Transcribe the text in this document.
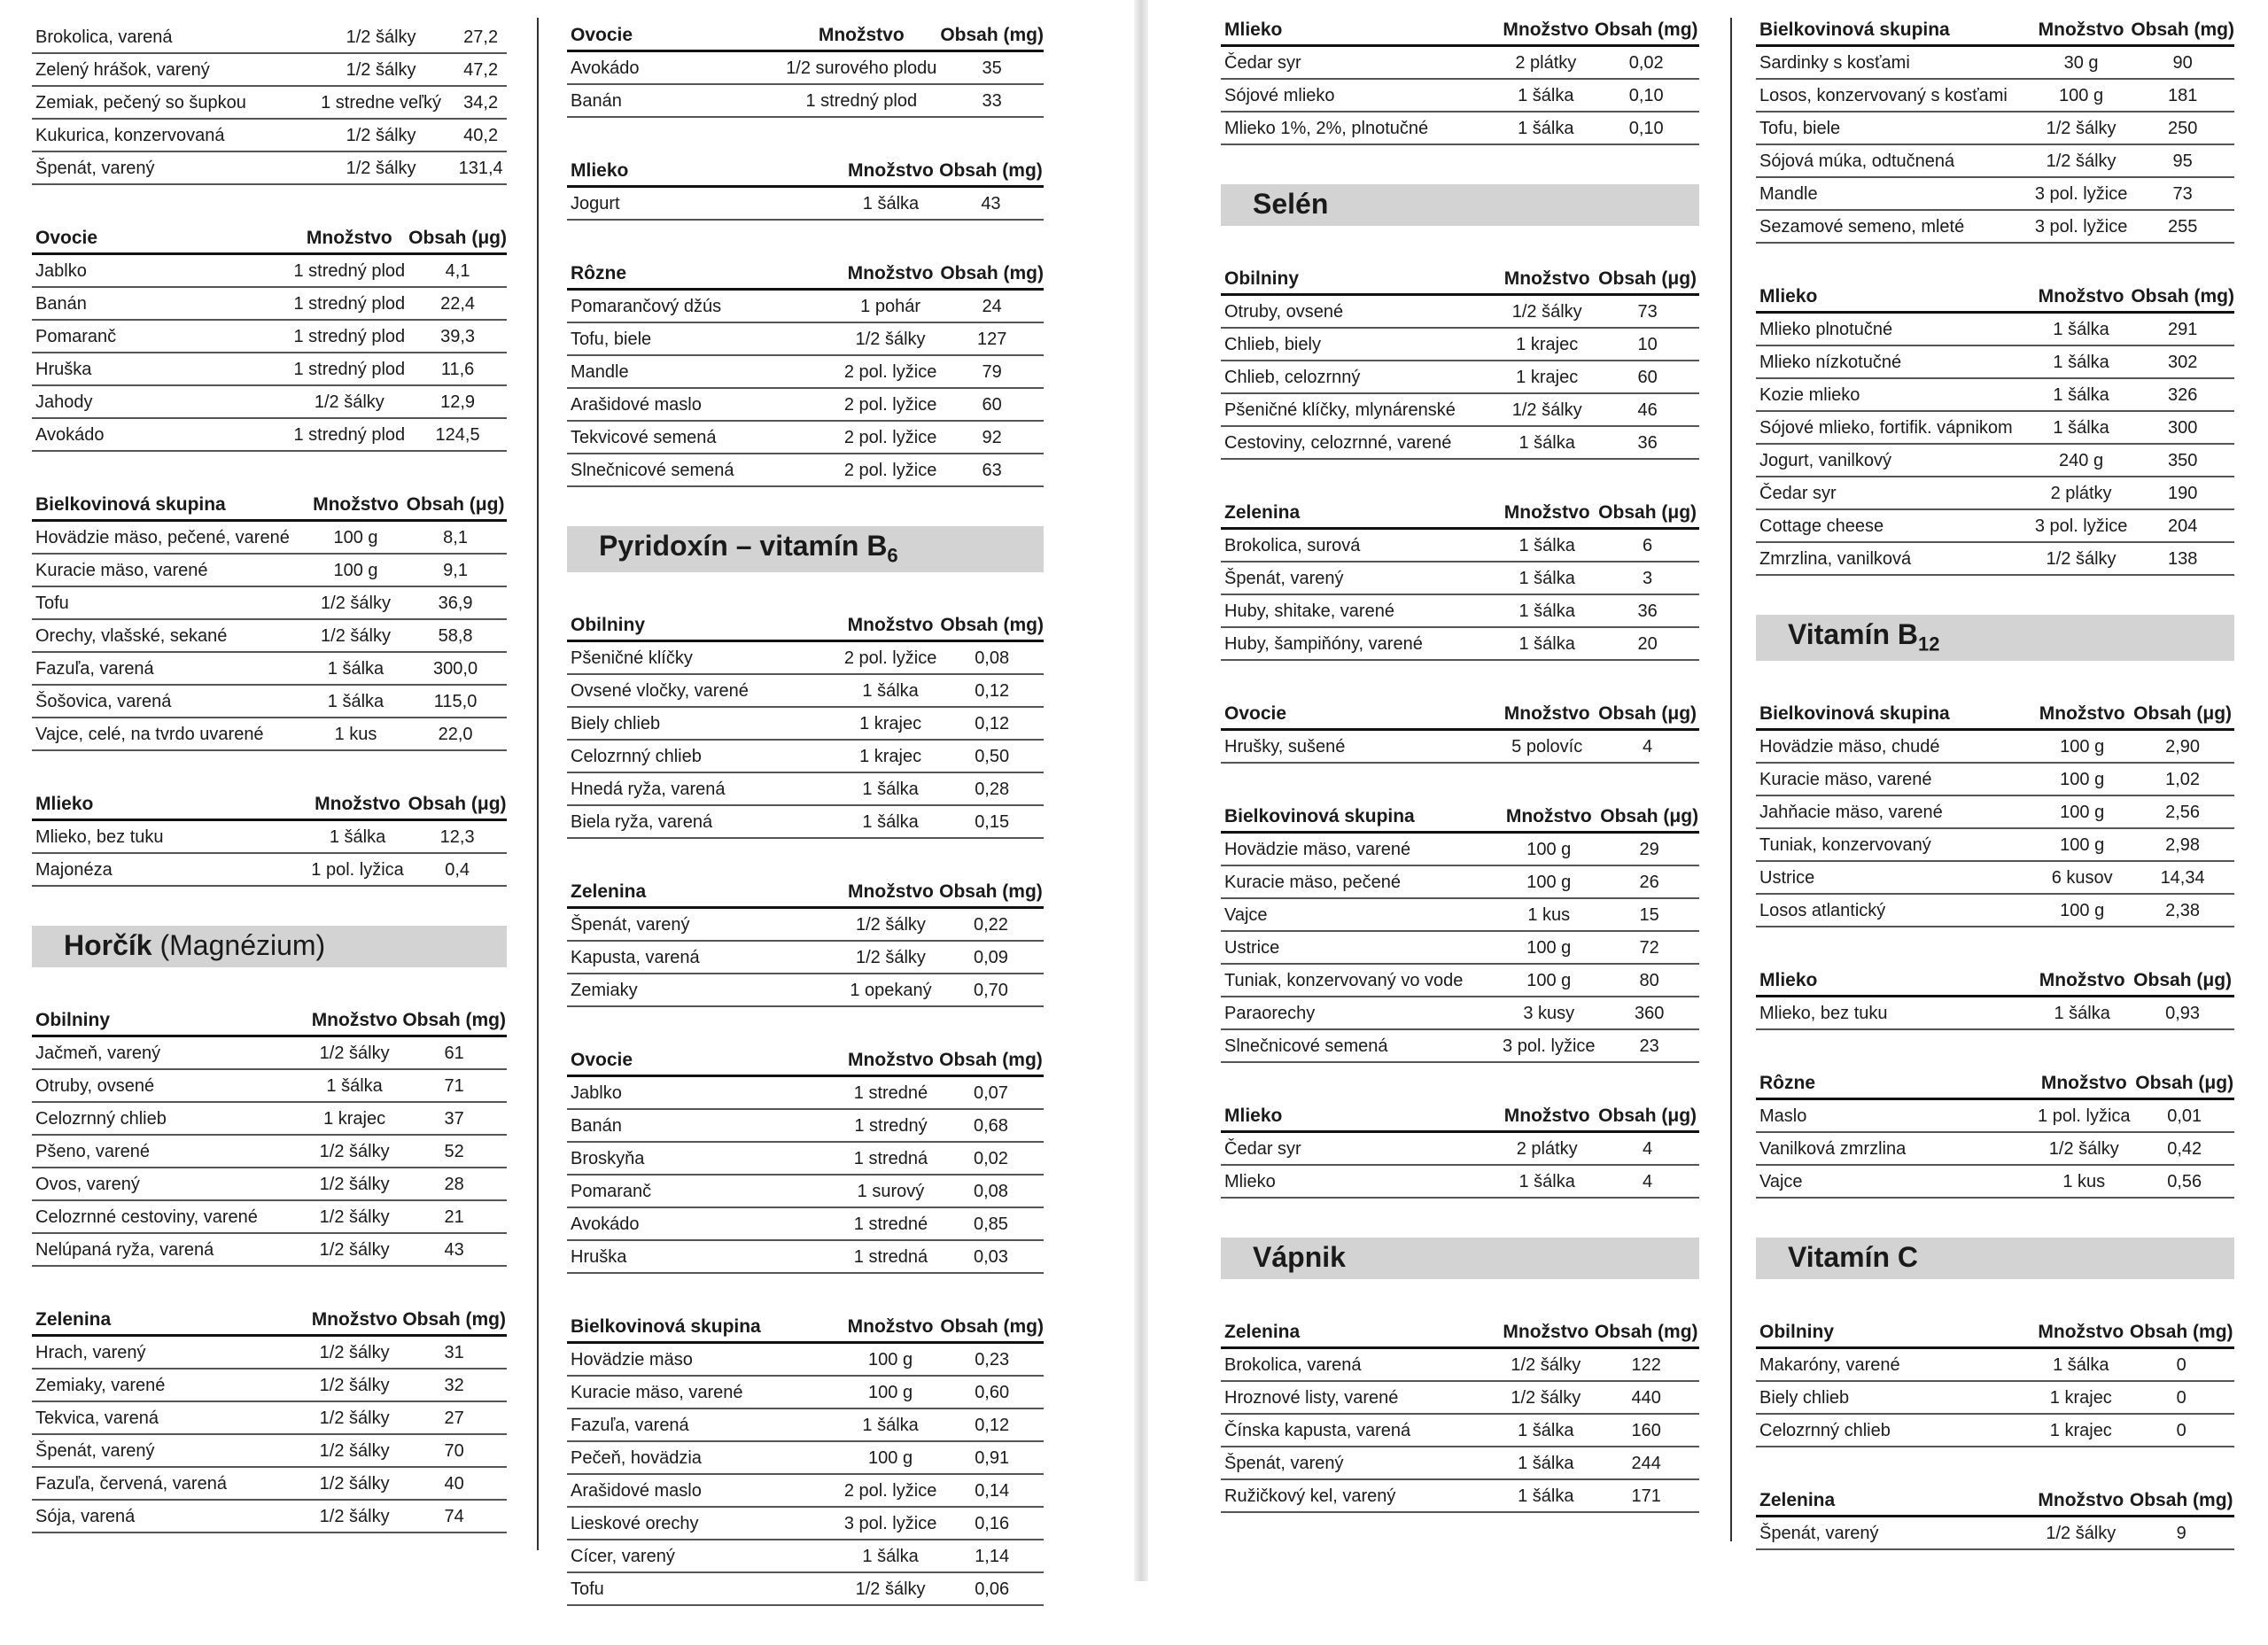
Brokolica, varená	1/2 šálky	27,2
Zelený hrášok, varený	1/2 šálky	47,2
Zemiak, pečený so šupkou	1 stredne veľký	34,2
Kukurica, konzervovaná	1/2 šálky	40,2
Špenát, varený	1/2 šálky	131,4
Ovocie	Množstvo	Obsah (μg)
Jablko	1 stredný plod	4,1
Banán	1 stredný plod	22,4
Pomaranč	1 stredný plod	39,3
Hruška	1 stredný plod	11,6
Jahody	1/2 šálky	12,9
Avokádo	1 stredný plod	124,5
Bielkovinová skupina	Množstvo	Obsah (μg)
Hovädzie mäso, pečené, varené	100 g	8,1
Kuracie mäso, varené	100 g	9,1
Tofu	1/2 šálky	36,9
Orechy, vlašské, sekané	1/2 šálky	58,8
Fazuľa, varená	1 šálka	300,0
Šošovica, varená	1 šálka	115,0
Vajce, celé, na tvrdo uvarené	1 kus	22,0
Mlieko	Množstvo	Obsah (μg)
Mlieko, bez tuku	1 šálka	12,3
Majonéza	1 pol. lyžica	0,4
Horčík (Magnézium)
Obilniny	Množstvo	Obsah (mg)
Jačmeň, varený	1/2 šálky	61
Otruby, ovsené	1 šálka	71
Celozrnný chlieb	1 krajec	37
Pšeno, varené	1/2 šálky	52
Ovos, varený	1/2 šálky	28
Celozrnné cestoviny, varené	1/2 šálky	21
Nelúpaná ryža, varená	1/2 šálky	43
Zelenina	Množstvo	Obsah (mg)
Hrach, varený	1/2 šálky	31
Zemiaky, varené	1/2 šálky	32
Tekvica, varená	1/2 šálky	27
Špenát, varený	1/2 šálky	70
Fazuľa, červená, varená	1/2 šálky	40
Sója, varená	1/2 šálky	74
Ovocie	Množstvo	Obsah (mg)
Avokádo	1/2 surového plodu	35
Banán	1 stredný plod	33
Mlieko	Množstvo	Obsah (mg)
Jogurt	1 šálka	43
Rôzne	Množstvo	Obsah (mg)
Pomarančový džús	1 pohár	24
Tofu, biele	1/2 šálky	127
Mandle	2 pol. lyžice	79
Arašidové maslo	2 pol. lyžice	60
Tekvicové semená	2 pol. lyžice	92
Slnečnicové semená	2 pol. lyžice	63
Pyridoxín – vitamín $B_6$
Obilniny	Množstvo	Obsah (mg)
Pšeničné klíčky	2 pol. lyžice	0,08
Ovsené vločky, varené	1 šálka	0,12
Biely chlieb	1 krajec	0,12
Celozrnný chlieb	1 krajec	0,50
Hnedá ryža, varená	1 šálka	0,28
Biela ryža, varená	1 šálka	0,15
Zelenina	Množstvo	Obsah (mg)
Špenát, varený	1/2 šálky	0,22
Kapusta, varená	1/2 šálky	0,09
Zemiaky	1 opekaný	0,70
Ovocie	Množstvo	Obsah (mg)
Jablko	1 stredné	0,07
Banán	1 stredný	0,68
Broskyňa	1 stredná	0,02
Pomaranč	1 surový	0,08
Avokádo	1 stredné	0,85
Hruška	1 stredná	0,03
Bielkovinová skupina	Množstvo	Obsah (mg)
Hovädzie mäso	100 g	0,23
Kuracie mäso, varené	100 g	0,60
Fazuľa, varená	1 šálka	0,12
Pečeň, hovädzia	100 g	0,91
Arašidové maslo	2 pol. lyžice	0,14
Lieskové orechy	3 pol. lyžice	0,16
Cícer, varený	1 šálka	1,14
Tofu	1/2 šálky	0,06
Mlieko	Množstvo	Obsah (mg)
Čedar syr	2 plátky	0,02
Sójové mlieko	1 šálka	0,10
Mlieko 1%, 2%, plnotučné	1 šálka	0,10
Selén
Obilniny	Množstvo	Obsah (μg)
Otruby, ovsené	1/2 šálky	73
Chlieb, biely	1 krajec	10
Chlieb, celozrnný	1 krajec	60
Pšeničné klíčky, mlynárenské	1/2 šálky	46
Cestoviny, celozrnné, varené	1 šálka	36
Zelenina	Množstvo	Obsah (μg)
Brokolica, surová	1 šálka	6
Špenát, varený	1 šálka	3
Huby, shitake, varené	1 šálka	36
Huby, šampiňóny, varené	1 šálka	20
Ovocie	Množstvo	Obsah (μg)
Hrušky, sušené	5 polovíc	4
Bielkovinová skupina	Množstvo	Obsah (μg)
Hovädzie mäso, varené	100 g	29
Kuracie mäso, pečené	100 g	26
Vajce	1 kus	15
Ustrice	100 g	72
Tuniak, konzervovaný vo vode	100 g	80
Paraorechy	3 kusy	360
Slnečnicové semená	3 pol. lyžice	23
Mlieko	Množstvo	Obsah (μg)
Čedar syr	2 plátky	4
Mlieko	1 šálka	4
Vápnik
Zelenina	Množstvo	Obsah (mg)
Brokolica, varená	1/2 šálky	122
Hroznové listy, varené	1/2 šálky	440
Čínska kapusta, varená	1 šálka	160
Špenát, varený	1 šálka	244
Ružičkový kel, varený	1 šálka	171
Bielkovinová skupina	Množstvo	Obsah (mg)
Sardinky s kosťami	30 g	90
Losos, konzervovaný s kosťami	100 g	181
Tofu, biele	1/2 šálky	250
Sójová múka, odtučnená	1/2 šálky	95
Mandle	3 pol. lyžice	73
Sezamové semeno, mleté	3 pol. lyžice	255
Mlieko	Množstvo	Obsah (mg)
Mlieko plnotučné	1 šálka	291
Mlieko nízkotučné	1 šálka	302
Kozie mlieko	1 šálka	326
Sójové mlieko, fortifik. vápnikom	1 šálka	300
Jogurt, vanilkový	240 g	350
Čedar syr	2 plátky	190
Cottage cheese	3 pol. lyžice	204
Zmrzlina, vanilková	1/2 šálky	138
Vitamín $B_{12}$
Bielkovinová skupina	Množstvo	Obsah (μg)
Hovädzie mäso, chudé	100 g	2,90
Kuracie mäso, varené	100 g	1,02
Jahňacie mäso, varené	100 g	2,56
Tuniak, konzervovaný	100 g	2,98
Ustrice	6 kusov	14,34
Losos atlantický	100 g	2,38
Mlieko	Množstvo	Obsah (μg)
Mlieko, bez tuku	1 šálka	0,93
Rôzne	Množstvo	Obsah (μg)
Maslo	1 pol. lyžica	0,01
Vanilková zmrzlina	1/2 šálky	0,42
Vajce	1 kus	0,56
Vitamín C
Obilniny	Množstvo	Obsah (mg)
Makaróny, varené	1 šálka	0
Biely chlieb	1 krajec	0
Celozrnný chlieb	1 krajec	0
Zelenina	Množstvo	Obsah (mg)
Špenát, varený	1/2 šálky	9
